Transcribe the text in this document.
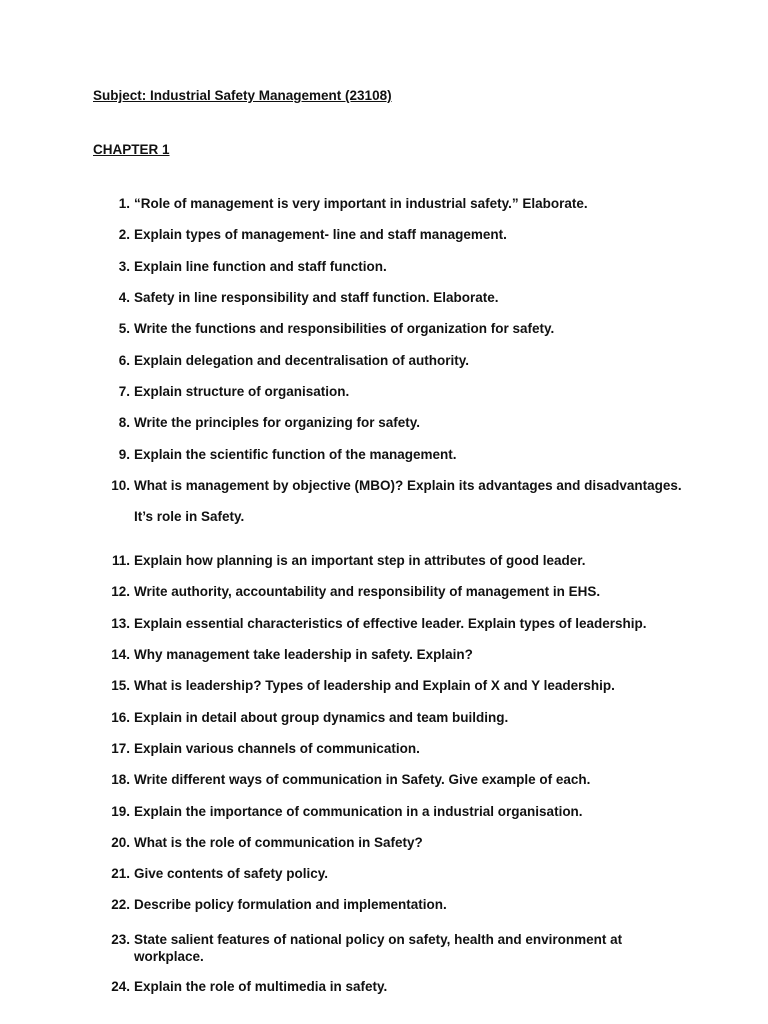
Subject: Industrial Safety Management (23108)
CHAPTER 1
1. “Role of management is very important in industrial safety.” Elaborate.
2. Explain types of management- line and staff management.
3. Explain line function and staff function.
4. Safety in line responsibility and staff function. Elaborate.
5. Write the functions and responsibilities of organization for safety.
6. Explain delegation and decentralisation of authority.
7. Explain structure of organisation.
8. Write the principles for organizing for safety.
9. Explain the scientific function of the management.
10. What is management by objective (MBO)? Explain its advantages and disadvantages.
11. Explain how planning is an important step in attributes of good leader.
12. Write authority, accountability and responsibility of management in EHS.
13. Explain essential characteristics of effective leader. Explain types of leadership.
14. Why management take leadership in safety. Explain?
15. What is leadership? Types of leadership and Explain of X and Y leadership.
16. Explain in detail about group dynamics and team building.
17. Explain various channels of communication.
18. Write different ways of communication in Safety. Give example of each.
19. Explain the importance of communication in a industrial organisation.
20. What is the role of communication in Safety?
21. Give contents of safety policy.
22. Describe policy formulation and implementation.
23. State salient features of national policy on safety, health and environment at workplace.
24. Explain the role of multimedia in safety.
It’s role in Safety.
